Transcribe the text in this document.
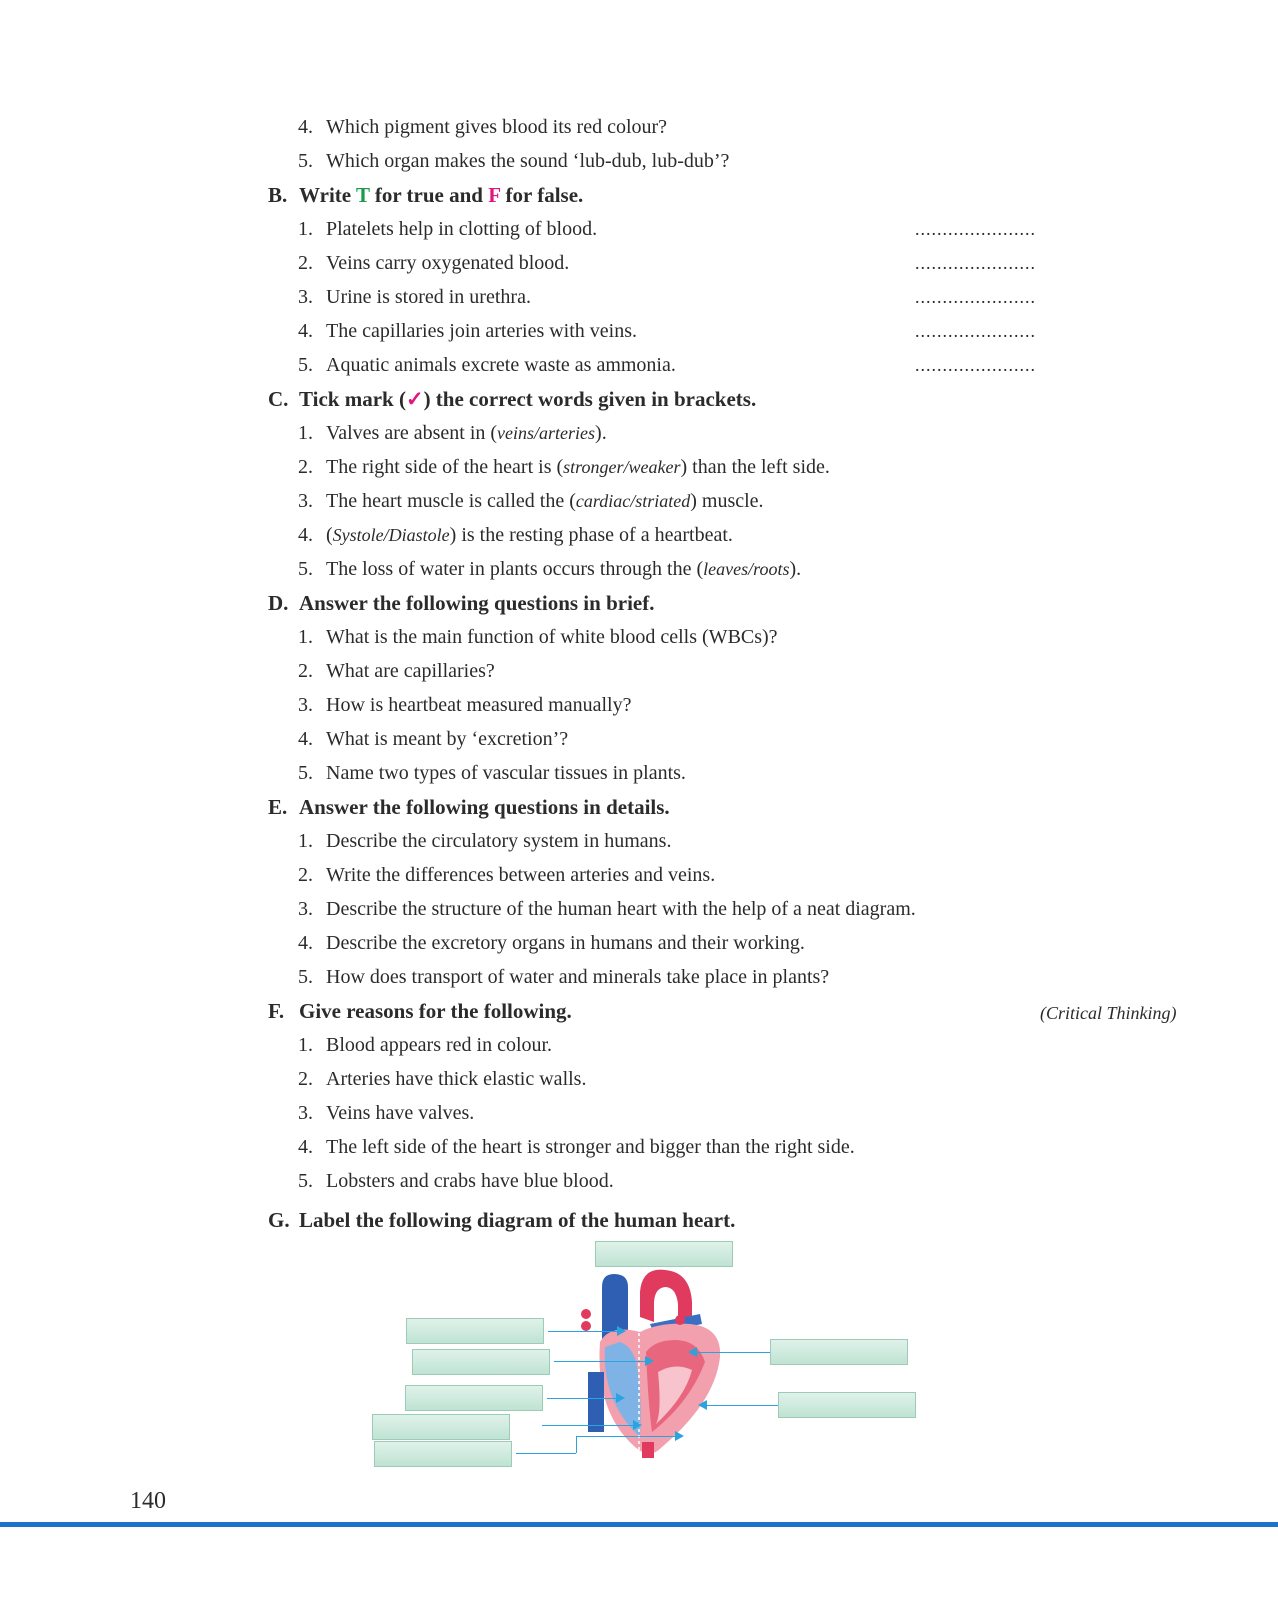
4. Which pigment gives blood its red colour?
5. Which organ makes the sound ‘lub-dub, lub-dub’?
B. Write T for true and F for false.
1. Platelets help in clotting of blood.	......................
2. Veins carry oxygenated blood.	......................
3. Urine is stored in urethra.	......................
4. The capillaries join arteries with veins.	......................
5. Aquatic animals excrete waste as ammonia.	......................
C. Tick mark (✓) the correct words given in brackets.
1. Valves are absent in (veins/arteries).
2. The right side of the heart is (stronger/weaker) than the left side.
3. The heart muscle is called the (cardiac/striated) muscle.
4. (Systole/Diastole) is the resting phase of a heartbeat.
5. The loss of water in plants occurs through the (leaves/roots).
D. Answer the following questions in brief.
1. What is the main function of white blood cells (WBCs)?
2. What are capillaries?
3. How is heartbeat measured manually?
4. What is meant by ‘excretion’?
5. Name two types of vascular tissues in plants.
E. Answer the following questions in details.
1. Describe the circulatory system in humans.
2. Write the differences between arteries and veins.
3. Describe the structure of the human heart with the help of a neat diagram.
4. Describe the excretory organs in humans and their working.
5. How does transport of water and minerals take place in plants?
F. Give reasons for the following.	(Critical Thinking)
1. Blood appears red in colour.
2. Arteries have thick elastic walls.
3. Veins have valves.
4. The left side of the heart is stronger and bigger than the right side.
5. Lobsters and crabs have blue blood.
G. Label the following diagram of the human heart.
140
